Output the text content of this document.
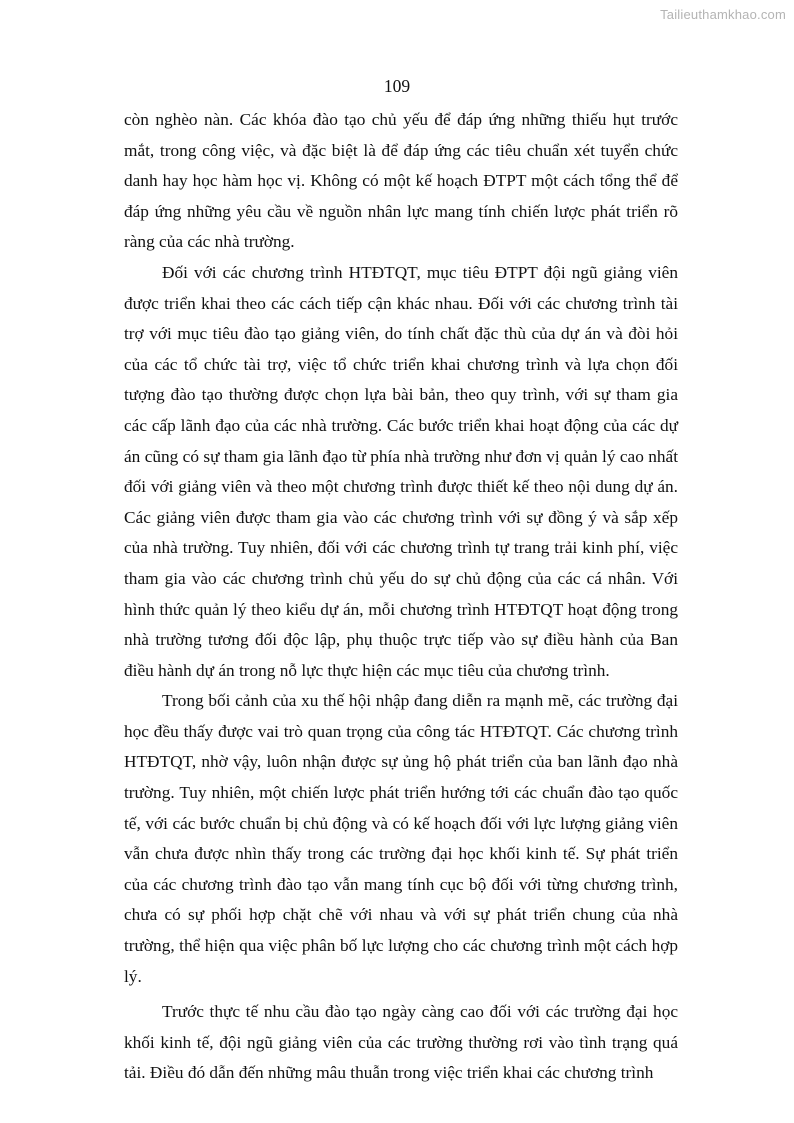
Tailieuthamkhao.com
109

còn nghèo nàn. Các khóa đào tạo chủ yếu để đáp ứng những thiếu hụt trước mắt, trong công việc, và đặc biệt là để đáp ứng các tiêu chuẩn xét tuyển chức danh hay học hàm học vị. Không có một kế hoạch ĐTPT một cách tổng thể để đáp ứng những yêu cầu về nguồn nhân lực mang tính chiến lược phát triển rõ ràng của các nhà trường.

Đối với các chương trình HTĐTQT, mục tiêu ĐTPT đội ngũ giảng viên được triển khai theo các cách tiếp cận khác nhau. Đối với các chương trình tài trợ với mục tiêu đào tạo giảng viên, do tính chất đặc thù của dự án và đòi hỏi của các tổ chức tài trợ, việc tổ chức triển khai chương trình và lựa chọn đối tượng đào tạo thường được chọn lựa bài bản, theo quy trình, với sự tham gia các cấp lãnh đạo của các nhà trường. Các bước triển khai hoạt động của các dự án cũng có sự tham gia lãnh đạo từ phía nhà trường như đơn vị quản lý cao nhất đối với giảng viên và theo một chương trình được thiết kế theo nội dung dự án. Các giảng viên được tham gia vào các chương trình với sự đồng ý và sắp xếp của nhà trường. Tuy nhiên, đối với các chương trình tự trang trải kinh phí, việc tham gia vào các chương trình chủ yếu do sự chủ động của các cá nhân. Với hình thức quản lý theo kiểu dự án, mỗi chương trình HTĐTQT hoạt động trong nhà trường tương đối độc lập, phụ thuộc trực tiếp vào sự điều hành của Ban điều hành dự án trong nỗ lực thực hiện các mục tiêu của chương trình.

Trong bối cảnh của xu thế hội nhập đang diễn ra mạnh mẽ, các trường đại học đều thấy được vai trò quan trọng của công tác HTĐTQT. Các chương trình HTĐTQT, nhờ vậy, luôn nhận được sự ủng hộ phát triển của ban lãnh đạo nhà trường. Tuy nhiên, một chiến lược phát triển hướng tới các chuẩn đào tạo quốc tế, với các bước chuẩn bị chủ động và có kế hoạch đối với lực lượng giảng viên vẫn chưa được nhìn thấy trong các trường đại học khối kinh tế. Sự phát triển của các chương trình đào tạo vẫn mang tính cục bộ đối với từng chương trình, chưa có sự phối hợp chặt chẽ với nhau và với sự phát triển chung của nhà trường, thể hiện qua việc phân bố lực lượng cho các chương trình một cách hợp lý.

Trước thực tế nhu cầu đào tạo ngày càng cao đối với các trường đại học khối kinh tế, đội ngũ giảng viên của các trường thường rơi vào tình trạng quá tải. Điều đó dẫn đến những mâu thuẫn trong việc triển khai các chương trình
